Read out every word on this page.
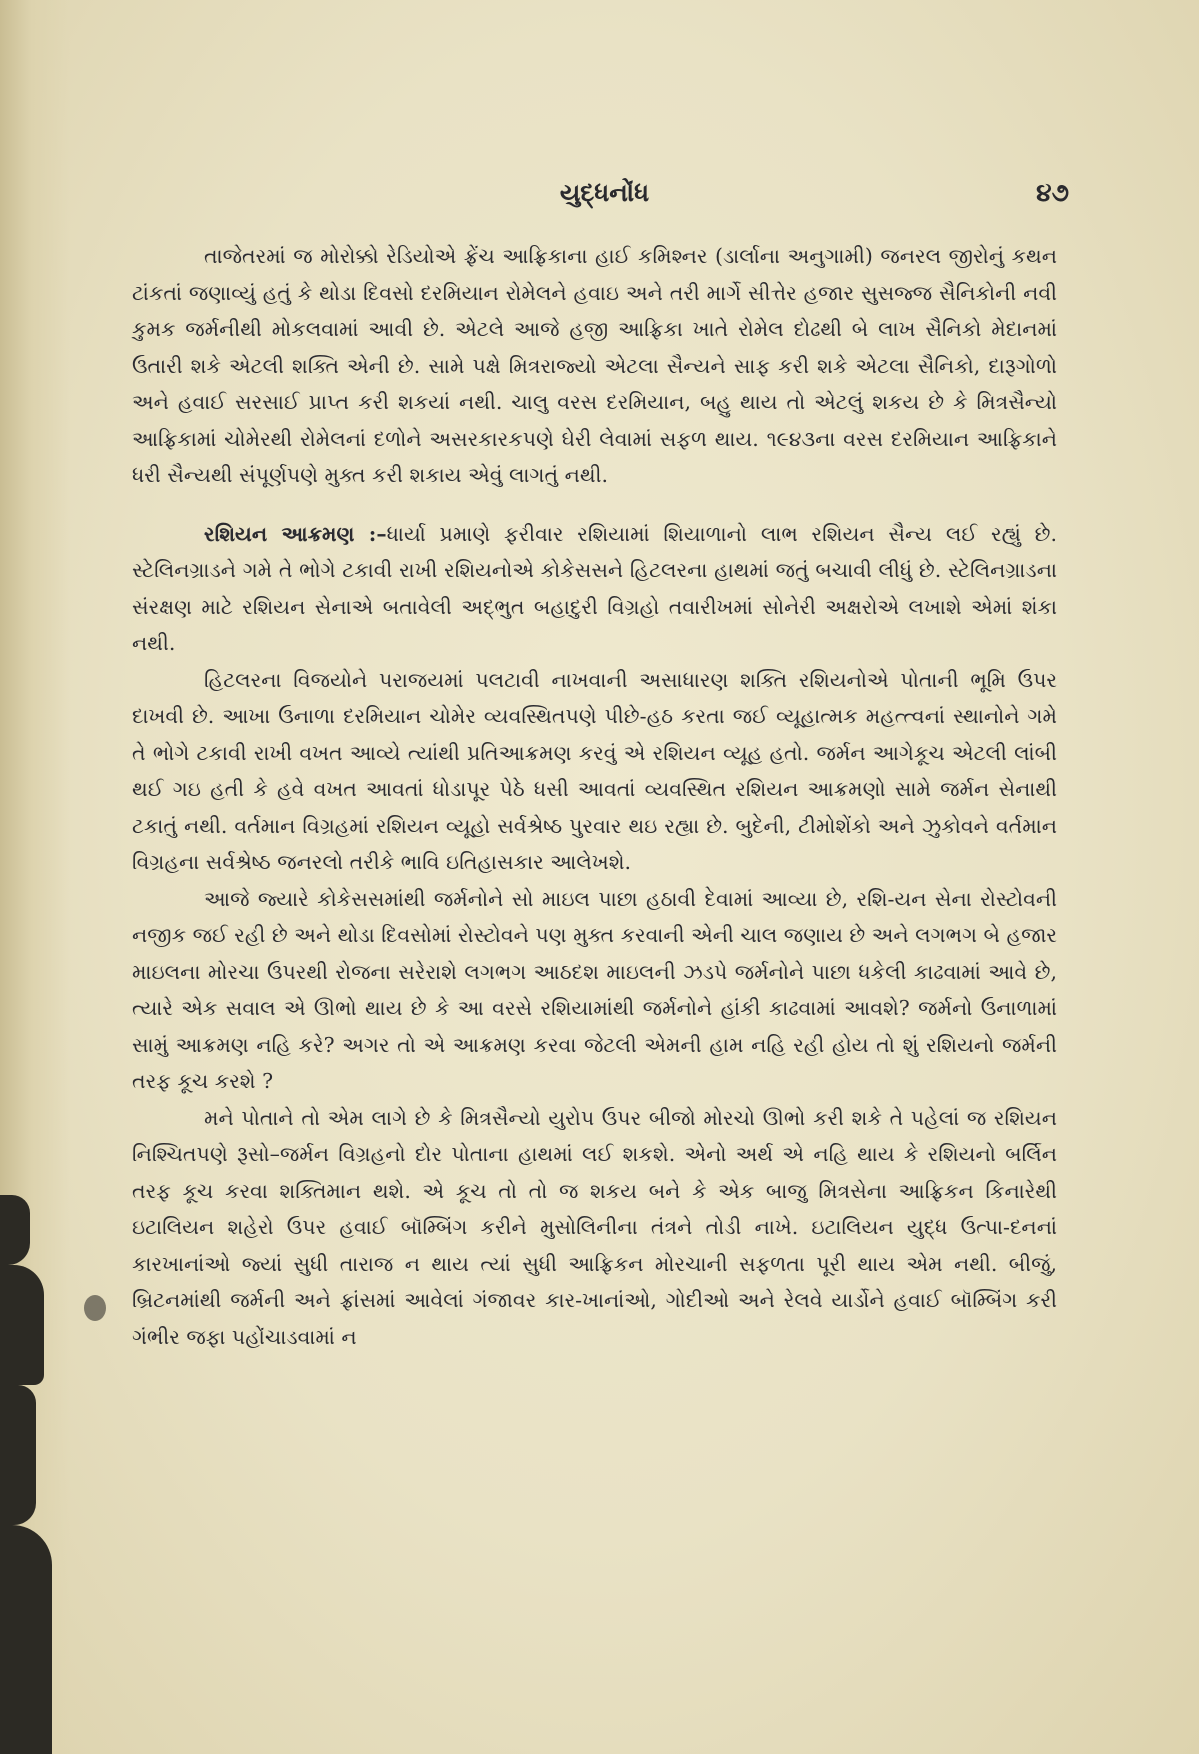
યુદ્ધનોંધ	૪૭

તાજેતરમાં જ મોરોક્કો રેડિયોએ ફ્રેંચ આફ્રિકાના હાઈ કમિશ્નર (ડાર્લાના અનુગામી) જનરલ જીરોનું કથન ટાંકતાં જણાવ્યું હતું કે થોડા દિવસો દરમિયાન રોમેલને હવાઇ અને તરી માર્ગે સીત્તેર હજાર સુસજ્જ સૈનિકોની નવી કુમક જર્મનીથી મોકલવામાં આવી છે. એટલે આજે હજી આફ્રિકા ખાતે રોમેલ દોઢથી બે લાખ સૈનિકો મેદાનમાં ઉતારી શકે એટલી શક્તિ એની છે. સામે પક્ષે મિત્રરાજ્યો એટલા સૈન્યને સાફ કરી શકે એટલા સૈનિકો, દારૂગોળો અને હવાઈ સરસાઈ પ્રાપ્ત કરી શકયાં નથી. ચાલુ વરસ દરમિયાન, બહુ થાય તો એટલું શકય છે કે મિત્રસૈન્યો આફ્રિકામાં ચોમેરથી રોમેલનાં દળોને અસરકારકપણે ઘેરી લેવામાં સફળ થાય. ૧૯૪૩ના વરસ દરમિયાન આફ્રિકાને ધરી સૈન્યથી સંપૂર્ણપણે મુક્ત કરી શકાય એવું લાગતું નથી.

રશિયન આક્રમણ :–ધાર્યા પ્રમાણે ફરીવાર રશિયામાં શિયાળાનો લાભ રશિયન સૈન્ય લઈ રહ્યું છે. સ્ટેલિનગ્રાડને ગમે તે ભોગે ટકાવી રાખી રશિયનોએ કોકેસસને હિટલરના હાથમાં જતું બચાવી લીધું છે. સ્ટેલિનગ્રાડના સંરક્ષણ માટે રશિયન સેનાએ બતાવેલી અદ્ભુત બહાદુરી વિગ્રહો તવારીખમાં સોનેરી અક્ષરોએ લખાશે એમાં શંકા નથી.

હિટલરના વિજયોને પરાજયમાં પલટાવી નાખવાની અસાધારણ શક્તિ રશિયનોએ પોતાની ભૂમિ ઉપર દાખવી છે. આખા ઉનાળા દરમિયાન ચોમેર વ્યવસ્થિતપણે પીછે-હઠ કરતા જઈ વ્યૂહાત્મક મહત્ત્વનાં સ્થાનોને ગમે તે ભોગે ટકાવી રાખી વખત આવ્યે ત્યાંથી પ્રતિઆક્રમણ કરવું એ રશિયન વ્યૂહ હતો. જર્મન આગેકૂચ એટલી લાંબી થઈ ગઇ હતી કે હવે વખત આવતાં ધોડાપૂર પેઠે ધસી આવતાં વ્યવસ્થિત રશિયન આક્રમણો સામે જર્મન સેનાથી ટકાતું નથી. વર્તમાન વિગ્રહમાં રશિયન વ્યૂહો સર્વશ્રેષ્ઠ પુરવાર થઇ રહ્યા છે. બુદેની, ટીમોશેંકો અને ઝુકોવને વર્તમાન વિગ્રહના સર્વશ્રેષ્ઠ જનરલો તરીકે ભાવિ ઇતિહાસકાર આલેખશે.

આજે જ્યારે કોકેસસમાંથી જર્મનોને સો માઇલ પાછા હઠાવી દેવામાં આવ્યા છે, રશિ-યન સેના રોસ્ટોવની નજીક જઈ રહી છે અને થોડા દિવસોમાં રોસ્ટોવને પણ મુક્ત કરવાની એની ચાલ જણાય છે અને લગભગ બે હજાર માઇલના મોરચા ઉપરથી રોજના સરેરાશે લગભગ આઠદશ માઇલની ઝડપે જર્મનોને પાછા ધકેલી કાઢવામાં આવે છે, ત્યારે એક સવાલ એ ઊભો થાય છે કે આ વરસે રશિયામાંથી જર્મનોને હાંકી કાઢવામાં આવશે? જર્મનો ઉનાળામાં સામું આક્રમણ નહિ કરે? અગર તો એ આક્રમણ કરવા જેટલી એમની હામ નહિ રહી હોય તો શું રશિયનો જર્મની તરફ કૂચ કરશે ?

મને પોતાને તો એમ લાગે છે કે મિત્રસૈન્યો યુરોપ ઉપર બીજો મોરચો ઊભો કરી શકે તે પહેલાં જ રશિયન નિશ્ચિતપણે રૂસો–જર્મન વિગ્રહનો દોર પોતાના હાથમાં લઈ શકશે. એનો અર્થ એ નહિ થાય કે રશિયનો બર્લિન તરફ કૂચ કરવા શક્તિમાન થશે. એ કૂચ તો તો જ શકય બને કે એક બાજુ મિત્રસેના આફ્રિકન કિનારેથી ઇટાલિયન શહેરો ઉપર હવાઈ બૉમ્બિંગ કરીને મુસોલિનીના તંત્રને તોડી નાખે. ઇટાલિયન યુદ્ધ ઉત્પા-દનનાં કારખાનાંઓ જ્યાં સુધી તારાજ ન થાય ત્યાં સુધી આફ્રિકન મોરચાની સફળતા પૂરી થાય એમ નથી. બીજું, બ્રિટનમાંથી જર્મની અને ફ્રાંસમાં આવેલાં ગંજાવર કાર-ખાનાંઓ, ગોદીઓ અને રેલવે યાર્ડોને હવાઈ બૉમ્બિંગ કરી ગંભીર જફા પહોંચાડવામાં ન
